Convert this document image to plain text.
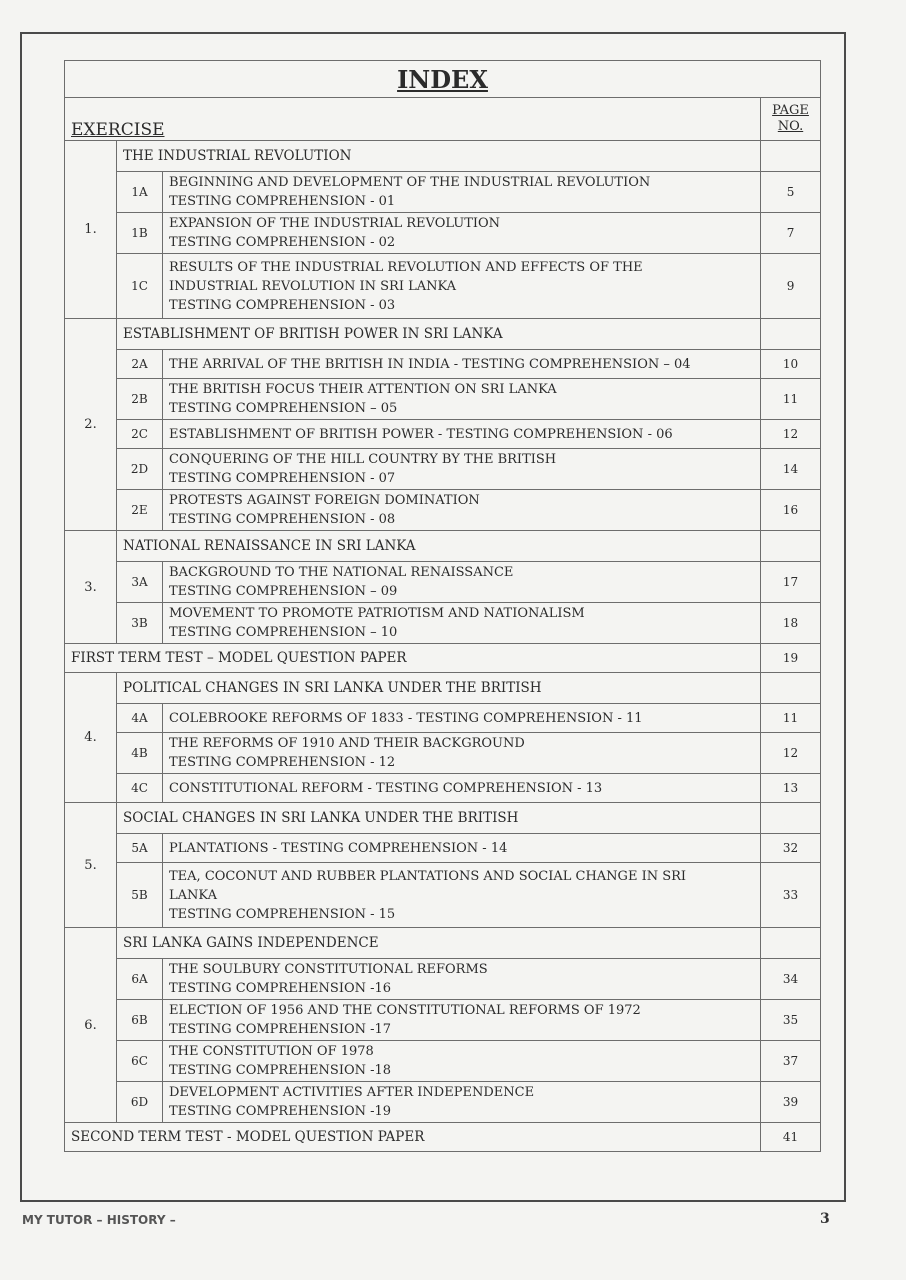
INDEX			
EXERCISE			PAGE
NO.
1.	THE INDUSTRIAL REVOLUTION		
	1A	BEGINNING AND DEVELOPMENT OF THE INDUSTRIAL REVOLUTION
TESTING COMPREHENSION - 01	5
	1B	EXPANSION OF THE INDUSTRIAL REVOLUTION
TESTING COMPREHENSION - 02	7
	1C	RESULTS OF THE INDUSTRIAL REVOLUTION AND EFFECTS OF THE
INDUSTRIAL REVOLUTION IN SRI LANKA
TESTING COMPREHENSION - 03	9
2.	ESTABLISHMENT OF BRITISH POWER IN SRI LANKA		
	2A	THE ARRIVAL OF THE BRITISH IN INDIA - TESTING COMPREHENSION – 04	10
	2B	THE BRITISH FOCUS THEIR ATTENTION ON SRI LANKA
TESTING COMPREHENSION – 05	11
	2C	ESTABLISHMENT OF BRITISH POWER - TESTING COMPREHENSION - 06	12
	2D	CONQUERING OF THE HILL COUNTRY BY THE BRITISH
TESTING COMPREHENSION - 07	14
	2E	PROTESTS AGAINST FOREIGN DOMINATION
TESTING COMPREHENSION - 08	16
3.	NATIONAL RENAISSANCE IN SRI LANKA		
	3A	BACKGROUND TO THE NATIONAL RENAISSANCE
TESTING COMPREHENSION – 09	17
	3B	MOVEMENT TO PROMOTE PATRIOTISM AND NATIONALISM
TESTING COMPREHENSION – 10	18
FIRST TERM TEST – MODEL QUESTION PAPER			19
4.	POLITICAL CHANGES IN SRI LANKA UNDER THE BRITISH		
	4A	COLEBROOKE REFORMS OF 1833 - TESTING COMPREHENSION - 11	11
	4B	THE REFORMS OF 1910 AND THEIR BACKGROUND
TESTING COMPREHENSION - 12	12
	4C	CONSTITUTIONAL REFORM - TESTING COMPREHENSION - 13	13
5.	SOCIAL CHANGES IN SRI LANKA UNDER THE BRITISH		
	5A	PLANTATIONS - TESTING COMPREHENSION - 14	32
	5B	TEA, COCONUT AND RUBBER PLANTATIONS AND SOCIAL CHANGE IN SRI
LANKA
TESTING COMPREHENSION - 15	33
6.	SRI LANKA GAINS INDEPENDENCE		
	6A	THE SOULBURY CONSTITUTIONAL REFORMS
TESTING COMPREHENSION -16	34
	6B	ELECTION OF 1956 AND THE CONSTITUTIONAL REFORMS OF 1972
TESTING COMPREHENSION -17	35
	6C	THE CONSTITUTION OF 1978
TESTING COMPREHENSION -18	37
	6D	DEVELOPMENT ACTIVITIES AFTER INDEPENDENCE
TESTING COMPREHENSION -19	39
SECOND TERM TEST - MODEL QUESTION PAPER			41
MY TUTOR – HISTORY –	3
